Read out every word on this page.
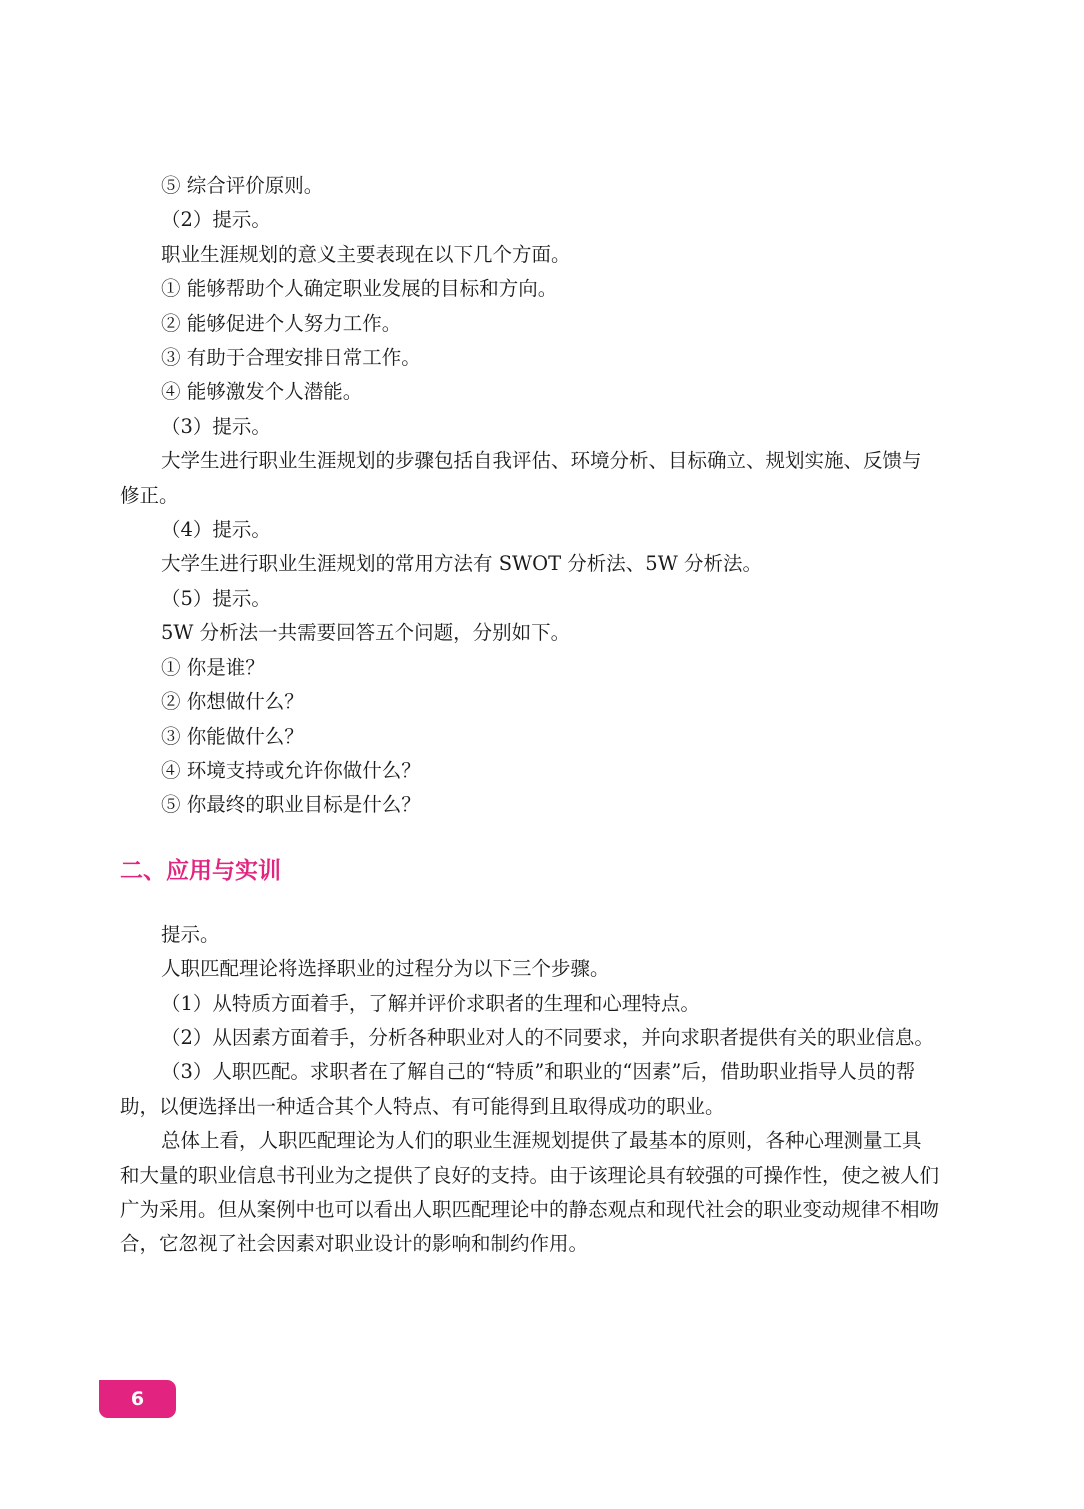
⑤ 综合评价原则。

（2）提示。

职业生涯规划的意义主要表现在以下几个方面。

① 能够帮助个人确定职业发展的目标和方向。

② 能够促进个人努力工作。

③ 有助于合理安排日常工作。

④ 能够激发个人潜能。

（3）提示。

大学生进行职业生涯规划的步骤包括自我评估、环境分析、目标确立、规划实施、反馈与修正。

（4）提示。

大学生进行职业生涯规划的常用方法有 SWOT 分析法、5W 分析法。

（5）提示。

5W 分析法一共需要回答五个问题，分别如下。

① 你是谁？

② 你想做什么？

③ 你能做什么？

④ 环境支持或允许你做什么？

⑤ 你最终的职业目标是什么？

二、应用与实训

提示。

人职匹配理论将选择职业的过程分为以下三个步骤。

（1）从特质方面着手，了解并评价求职者的生理和心理特点。

（2）从因素方面着手，分析各种职业对人的不同要求，并向求职者提供有关的职业信息。

（3）人职匹配。求职者在了解自己的“特质”和职业的“因素”后，借助职业指导人员的帮助，以便选择出一种适合其个人特点、有可能得到且取得成功的职业。

总体上看，人职匹配理论为人们的职业生涯规划提供了最基本的原则，各种心理测量工具和大量的职业信息书刊业为之提供了良好的支持。由于该理论具有较强的可操作性，使之被人们广为采用。但从案例中也可以看出人职匹配理论中的静态观点和现代社会的职业变动规律不相吻合，它忽视了社会因素对职业设计的影响和制约作用。

6
